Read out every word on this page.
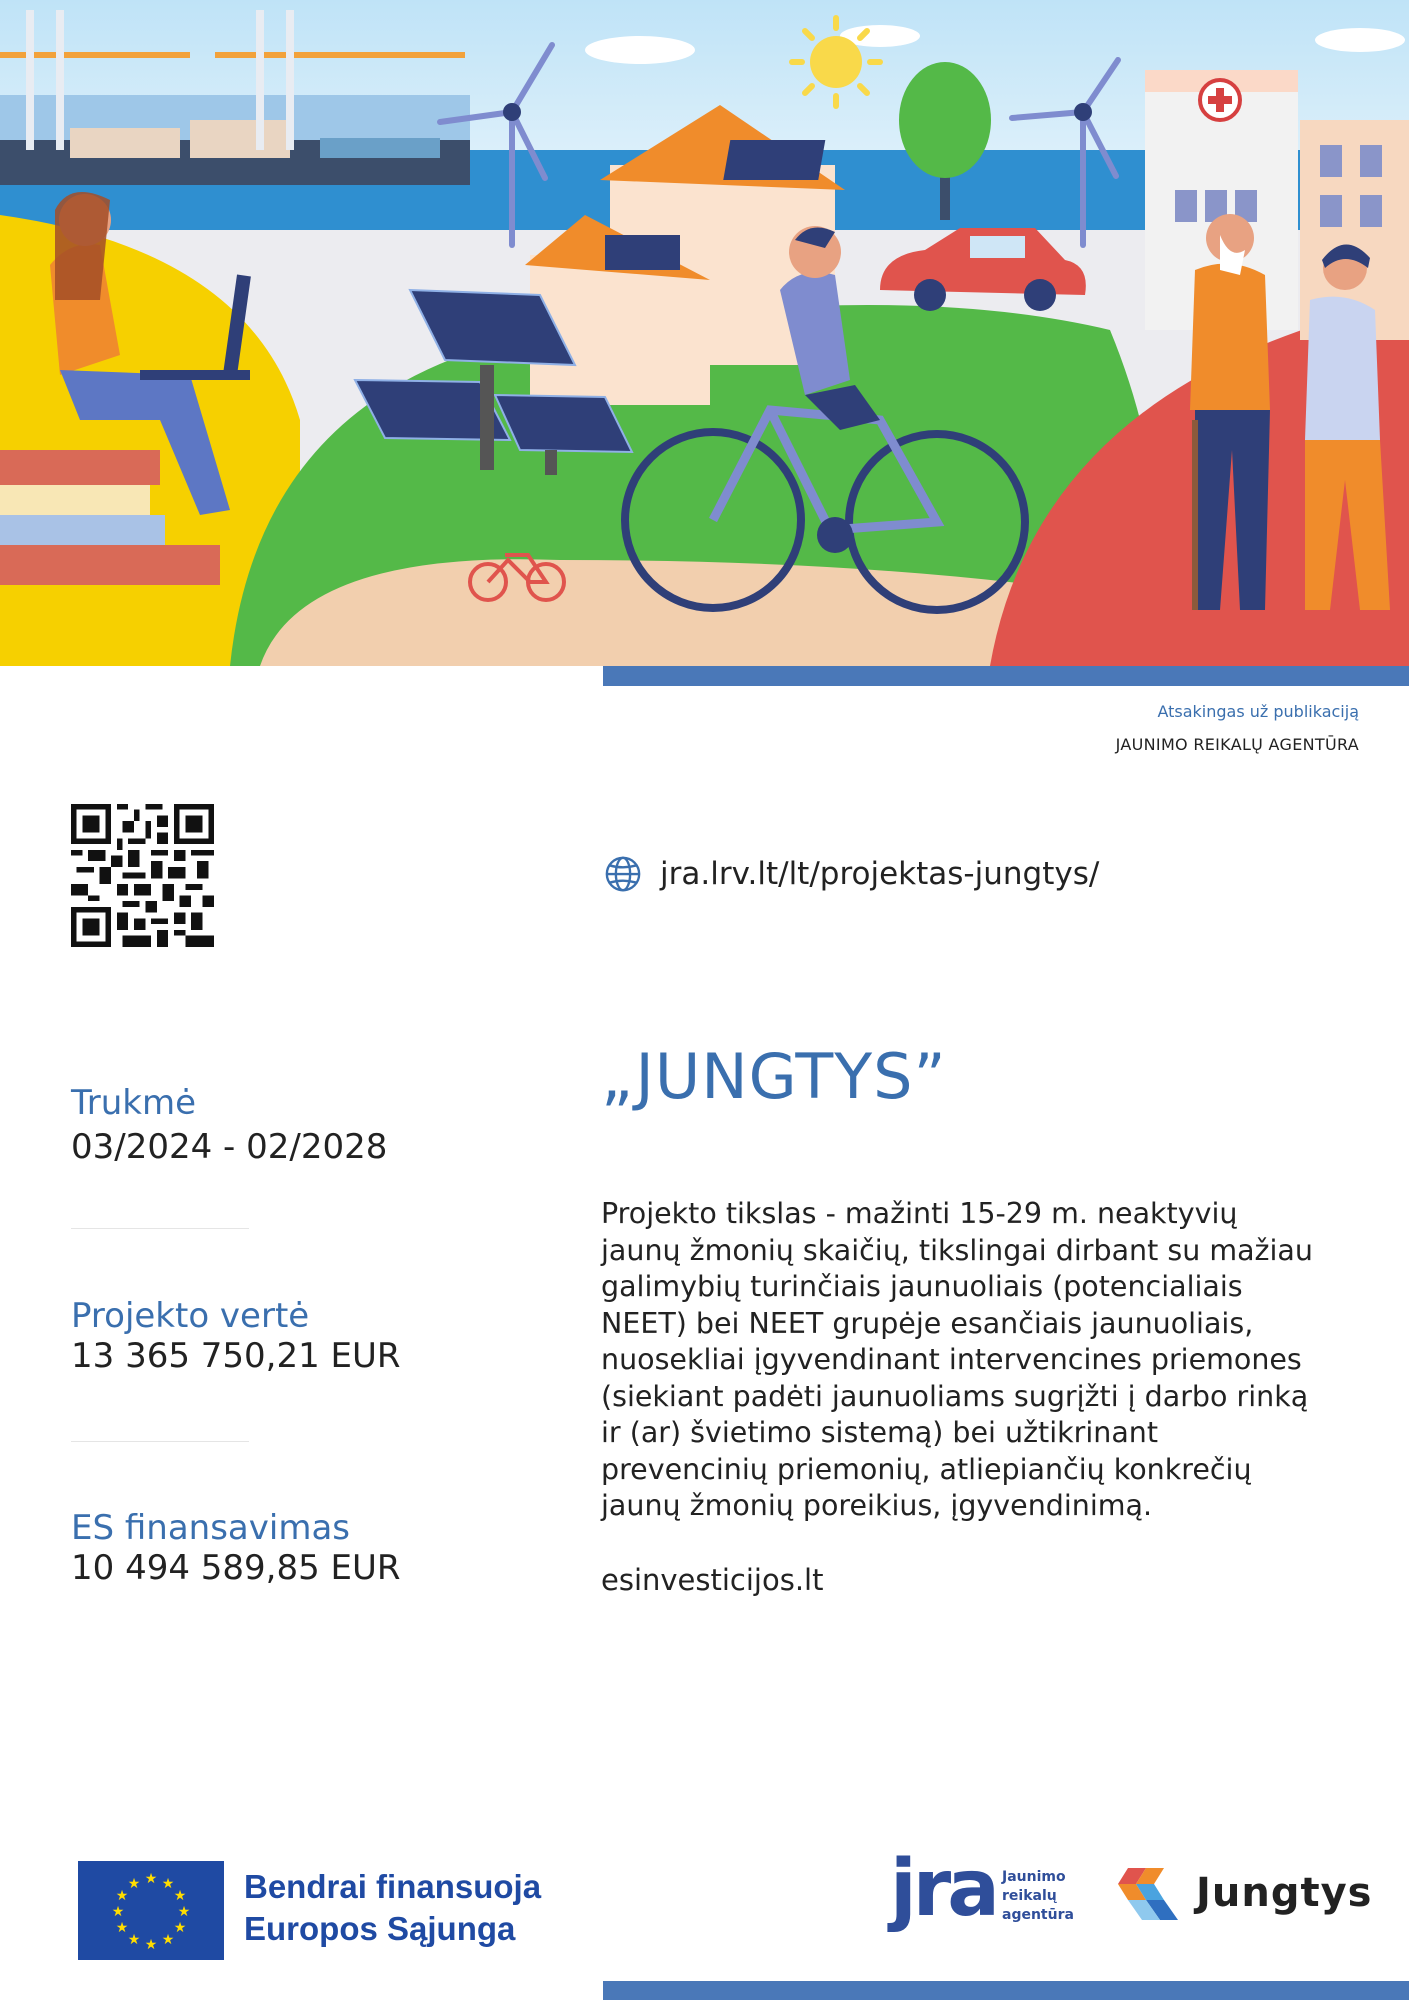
Atsakingas už publikaciją
JAUNIMO REIKALŲ AGENTŪRA
jra.lrv.lt/lt/projektas-jungtys/
Trukmė
03/2024 - 02/2028
Projekto vertė
13 365 750,21 EUR
ES finansavimas
10 494 589,85 EUR
„JUNGTYS”
Projekto tikslas - mažinti 15-29 m. neaktyvių jaunų žmonių skaičių, tikslingai dirbant su mažiau galimybių turinčiais jaunuoliais (potencialiais NEET) bei NEET grupėje esančiais jaunuoliais, nuosekliai įgyvendinant intervencines priemones (siekiant padėti jaunuoliams sugrįžti į darbo rinką ir (ar) švietimo sistemą) bei užtikrinant prevencinių priemonių, atliepiančių konkrečių jaunų žmonių poreikius, įgyvendinimą.
esinvesticijos.lt
★ ★
★
★
★
★
★
★
★
★
★
★	Bendrai finansuoja
Europos Sąjunga	jra Jaunimo
reikalų
agentūra	Jungtys
